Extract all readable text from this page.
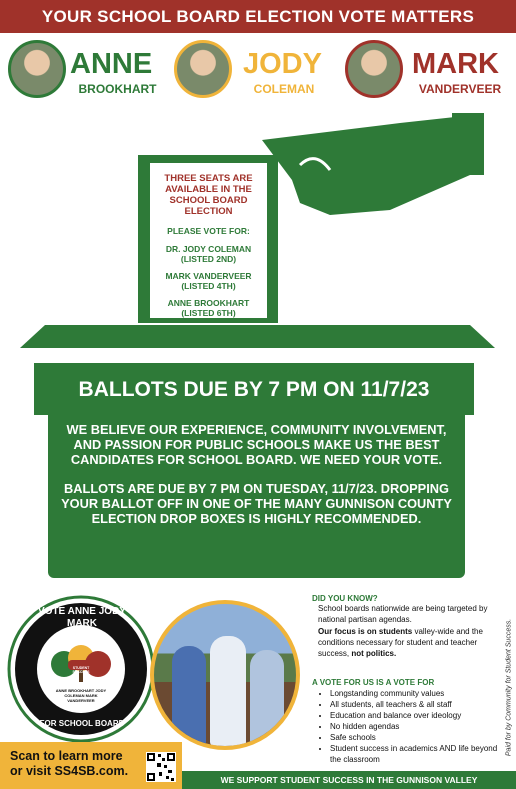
YOUR SCHOOL BOARD ELECTION VOTE MATTERS
ANNE
BROOKHART
JODY
COLEMAN
MARK
VANDERVEER
THREE SEATS ARE AVAILABLE IN THE SCHOOL BOARD ELECTION
PLEASE VOTE FOR:
DR. JODY COLEMAN (LISTED 2ND)
MARK VANDERVEER (LISTED 4TH)
ANNE BROOKHART (LISTED 6TH)
BALLOTS DUE BY 7 PM ON 11/7/23

WE BELIEVE OUR EXPERIENCE, COMMUNITY INVOLVEMENT, AND PASSION FOR PUBLIC SCHOOLS MAKE US THE BEST CANDIDATES FOR SCHOOL BOARD. WE NEED YOUR VOTE.

BALLOTS ARE DUE BY 7 PM ON TUESDAY, 11/7/23. DROPPING YOUR BALLOT OFF IN ONE OF THE MANY GUNNISON COUNTY ELECTION DROP BOXES IS HIGHLY RECOMMENDED.

VOTE ANNE JODY MARK
STUDENT SUCCESS
ANNE BROOKHART JODY COLEMAN MARK VANDERVEER
FOR SCHOOL BOARD
DID YOU KNOW?
School boards nationwide are being targeted by national partisan agendas.
Our focus is on students valley-wide and the conditions necessary for student and teacher success, not politics.
A VOTE FOR US IS A VOTE FOR
• Longstanding community values
• All students, all teachers & all staff
• Education and balance over ideology
• No hidden agendas
• Safe schools
• Student success in academics AND life beyond the classroom
Paid for by Community for Student Success.
Scan to learn more
or visit SS4SB.com.
WE SUPPORT STUDENT SUCCESS IN THE GUNNISON VALLEY
